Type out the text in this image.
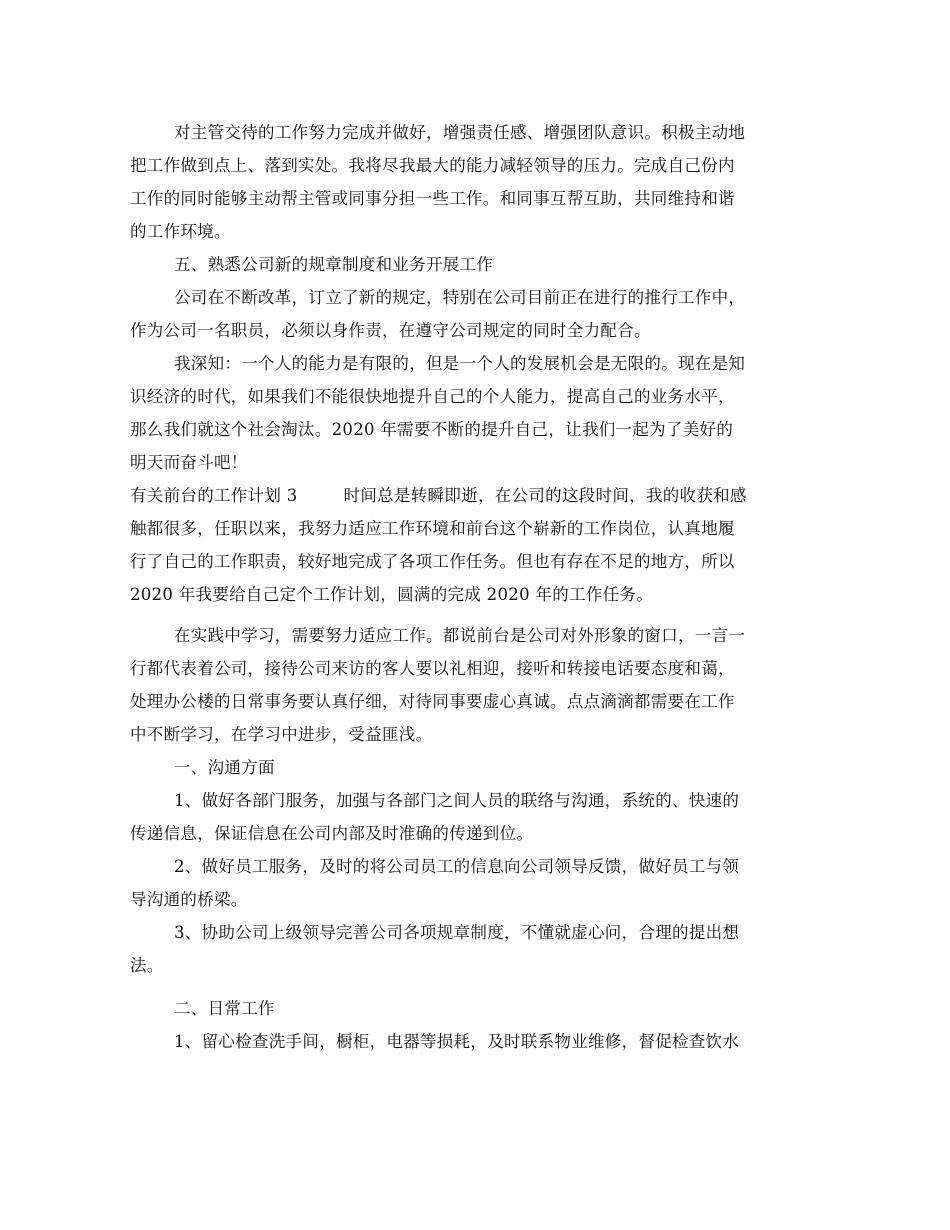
对主管交待的工作努力完成并做好，增强责任感、增强团队意识。积极主动地
把工作做到点上、落到实处。我将尽我最大的能力减轻领导的压力。完成自己份内
工作的同时能够主动帮主管或同事分担一些工作。和同事互帮互助，共同维持和谐
的工作环境。
五、熟悉公司新的规章制度和业务开展工作
公司在不断改革，订立了新的规定，特别在公司目前正在进行的推行工作中，
作为公司一名职员，必须以身作责，在遵守公司规定的同时全力配合。
我深知：一个人的能力是有限的，但是一个人的发展机会是无限的。现在是知
识经济的时代，如果我们不能很快地提升自己的个人能力，提高自己的业务水平，
那么我们就这个社会淘汰。2020 年需要不断的提升自己，让我们一起为了美好的
明天而奋斗吧！
有关前台的工作计划 3	时间总是转瞬即逝，在公司的这段时间，我的收获和感
触都很多，任职以来，我努力适应工作环境和前台这个崭新的工作岗位，认真地履
行了自己的工作职责，较好地完成了各项工作任务。但也有存在不足的地方，所以
2020 年我要给自己定个工作计划，圆满的完成 2020 年的工作任务。
在实践中学习，需要努力适应工作。都说前台是公司对外形象的窗口，一言一
行都代表着公司，接待公司来访的客人要以礼相迎，接听和转接电话要态度和蔼，
处理办公楼的日常事务要认真仔细，对待同事要虚心真诚。点点滴滴都需要在工作
中不断学习，在学习中进步，受益匪浅。
一、沟通方面
1、做好各部门服务，加强与各部门之间人员的联络与沟通，系统的、快速的
传递信息，保证信息在公司内部及时准确的传递到位。
2、做好员工服务，及时的将公司员工的信息向公司领导反馈，做好员工与领
导沟通的桥梁。
3、协助公司上级领导完善公司各项规章制度，不懂就虚心问，合理的提出想
法。
二、日常工作
1、留心检查洗手间，橱柜，电器等损耗，及时联系物业维修，督促检查饮水
